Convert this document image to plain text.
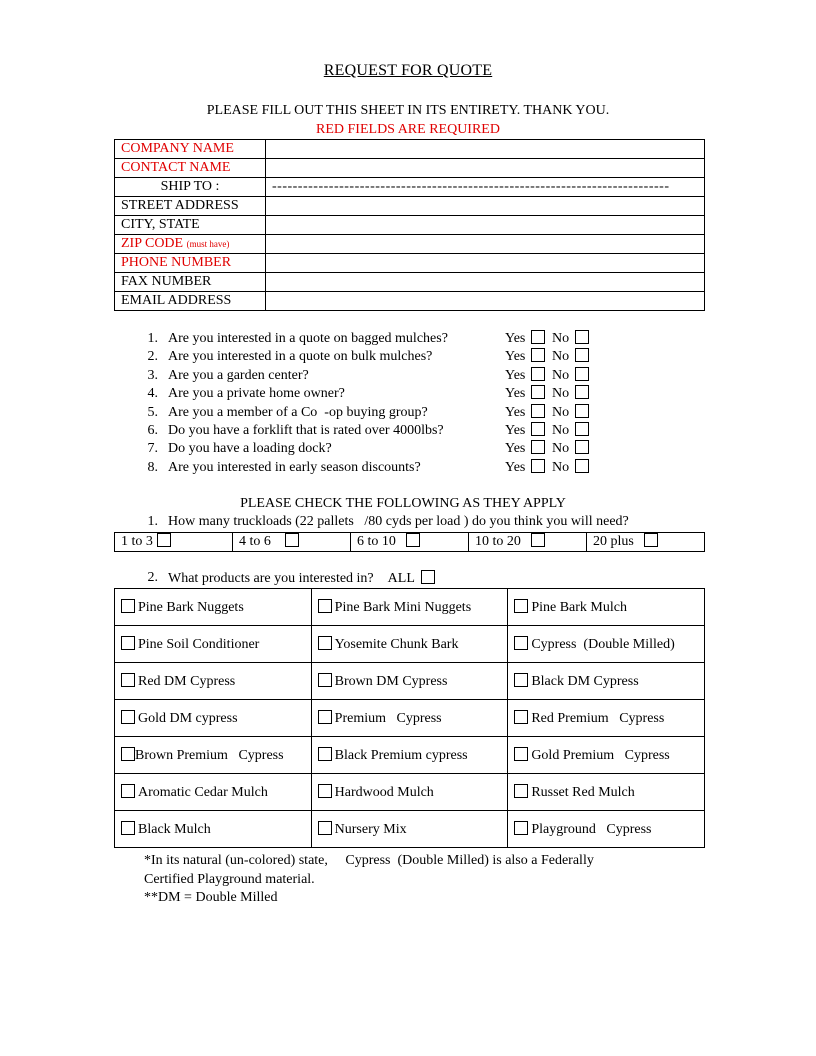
REQUEST FOR QUOTE
PLEASE FILL OUT THIS SHEET IN ITS ENTIRETY. THANK YOU.
RED FIELDS ARE REQUIRED
COMPANY NAME	
CONTACT NAME	
SHIP TO :	-----------------------------------------------------------------------------
STREET ADDRESS	
CITY, STATE	
ZIP CODE (must have)	
PHONE NUMBER	
FAX NUMBER	
EMAIL ADDRESS	
1. Are you interested in a quote on bagged mulches?	Yes	No
2. Are you interested in a quote on bulk mulches?	Yes	No
3. Are you a garden center?	Yes	No
4. Are you a private home owner?	Yes	No
5. Are you a member of a Co  -op buying group?	Yes	No
6. Do you have a forklift that is rated over 4000lbs?	Yes	No
7. Do you have a loading dock?	Yes	No
8. Are you interested in early season discounts?	Yes	No
PLEASE CHECK THE FOLLOWING AS THEY APPLY
1. How many truckloads (22 pallets   /80 cyds per load ) do you think you will need?
1 to 3	4 to 6	6 to 10	10 to 20	20 plus
2. What products are you interested in? ALL
Pine Bark Nuggets	Pine Bark Mini Nuggets	Pine Bark Mulch
Pine Soil Conditioner	Yosemite Chunk Bark	Cypress  (Double Milled)
Red DM Cypress	Brown DM Cypress	Black DM Cypress
Gold DM cypress	Premium   Cypress	Red Premium   Cypress
Brown Premium   Cypress	Black Premium cypress	Gold Premium   Cypress
Aromatic Cedar Mulch	Hardwood Mulch	Russet Red Mulch
Black Mulch	Nursery Mix	Playground   Cypress
*In its natural (un-colored) state,     Cypress  (Double Milled) is also a Federally
Certified Playground material.
**DM = Double Milled
